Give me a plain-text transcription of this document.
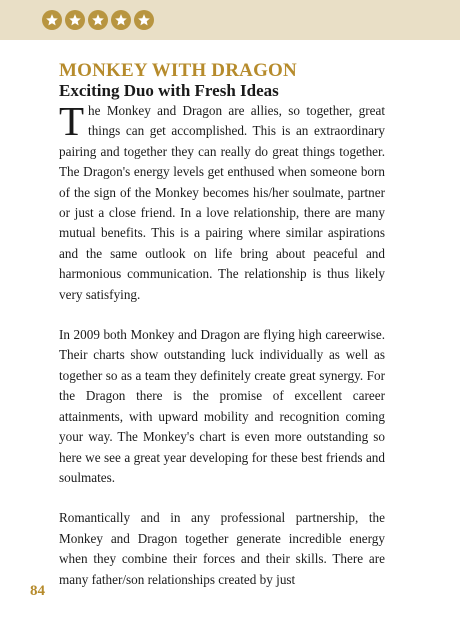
MONKEY WITH DRAGON
Exciting Duo with Fresh Ideas

The Monkey and Dragon are allies, so together, great things can get accomplished. This is an extraordinary pairing and together they can really do great things together. The Dragon's energy levels get enthused when someone born of the sign of the Monkey becomes his/her soulmate, partner or just a close friend. In a love relationship, there are many mutual benefits. This is a pairing where similar aspirations and the same outlook on life bring about peaceful and harmonious communication. The relationship is thus likely very satisfying.

In 2009 both Monkey and Dragon are flying high careerwise. Their charts show outstanding luck individually as well as together so as a team they definitely create great synergy. For the Dragon there is the promise of excellent career attainments, with upward mobility and recognition coming your way. The Monkey's chart is even more outstanding so here we see a great year developing for these best friends and soulmates.

Romantically and in any professional partnership, the Monkey and Dragon together generate incredible energy when they combine their forces and their skills. There are many father/son relationships created by just

84
